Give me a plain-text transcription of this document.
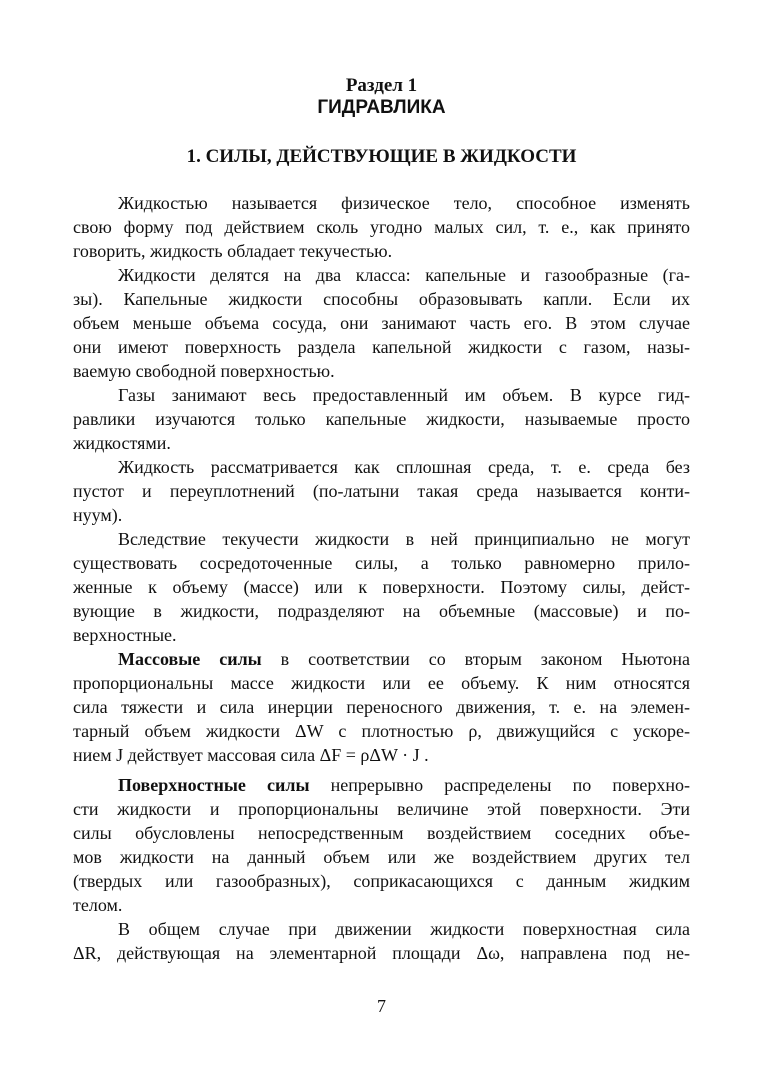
Раздел 1
ГИДРАВЛИКА
1. СИЛЫ, ДЕЙСТВУЮЩИЕ В ЖИДКОСТИ

Жидкостью называется физическое тело, способное изменять
свою форму под действием сколь угодно малых сил, т. е., как принято
говорить, жидкость обладает текучестью.

Жидкости делятся на два класса: капельные и газообразные (га-
зы). Капельные жидкости способны образовывать капли. Если их
объем меньше объема сосуда, они занимают часть его. В этом случае
они имеют поверхность раздела капельной жидкости с газом, назы-
ваемую свободной поверхностью.

Газы занимают весь предоставленный им объем. В курсе гид-
равлики изучаются только капельные жидкости, называемые просто
жидкостями.

Жидкость рассматривается как сплошная среда, т. е. среда без
пустот и переуплотнений (по-латыни такая среда называется конти-
нуум).

Вследствие текучести жидкости в ней принципиально не могут
существовать сосредоточенные силы, а только равномерно прило-
женные к объему (массе) или к поверхности. Поэтому силы, дейст-
вующие в жидкости, подразделяют на объемные (массовые) и по-
верхностные.

Массовые силы в соответствии со вторым законом Ньютона
пропорциональны массе жидкости или ее объему. К ним относятся
сила тяжести и сила инерции переносного движения, т. е. на элемен-
тарный объем жидкости ΔW с плотностью ρ, движущийся с ускоре-
нием J действует массовая сила ΔF = ρΔW · J .

Поверхностные силы непрерывно распределены по поверхно-
сти жидкости и пропорциональны величине этой поверхности. Эти
силы обусловлены непосредственным воздействием соседних объе-
мов жидкости на данный объем или же воздействием других тел
(твердых или газообразных), соприкасающихся с данным жидким
телом.

В общем случае при движении жидкости поверхностная сила
ΔR, действующая на элементарной площади Δω, направлена под не-

7
